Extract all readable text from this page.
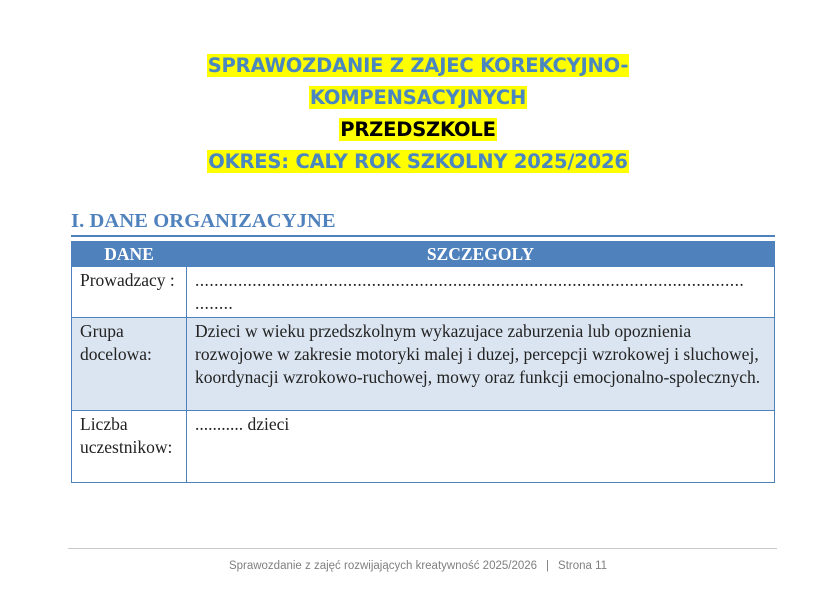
SPRAWOZDANIE Z ZAJEC KOREKCYJNO-
KOMPENSACYJNYCH
PRZEDSZKOLE
OKRES: CALY ROK SZKOLNY 2025/2026
I. DANE ORGANIZACYJNE
DANE	SZCZEGOLY
Prowadzacy :	...................................................................................................................
........

Grupa docelowa:	Dzieci w wieku przedszkolnym wykazujace zaburzenia lub opoznienia rozwojowe w zakresie motoryki malej i duzej, percepcji wzrokowej i sluchowej, koordynacji wzrokowo-ruchowej, mowy oraz funkcji emocjonalno-spolecznych.
Liczba uczestnikow:	........... dzieci
Sprawozdanie z zajęć rozwijających kreatywność 2025/2026 | Strona 11
